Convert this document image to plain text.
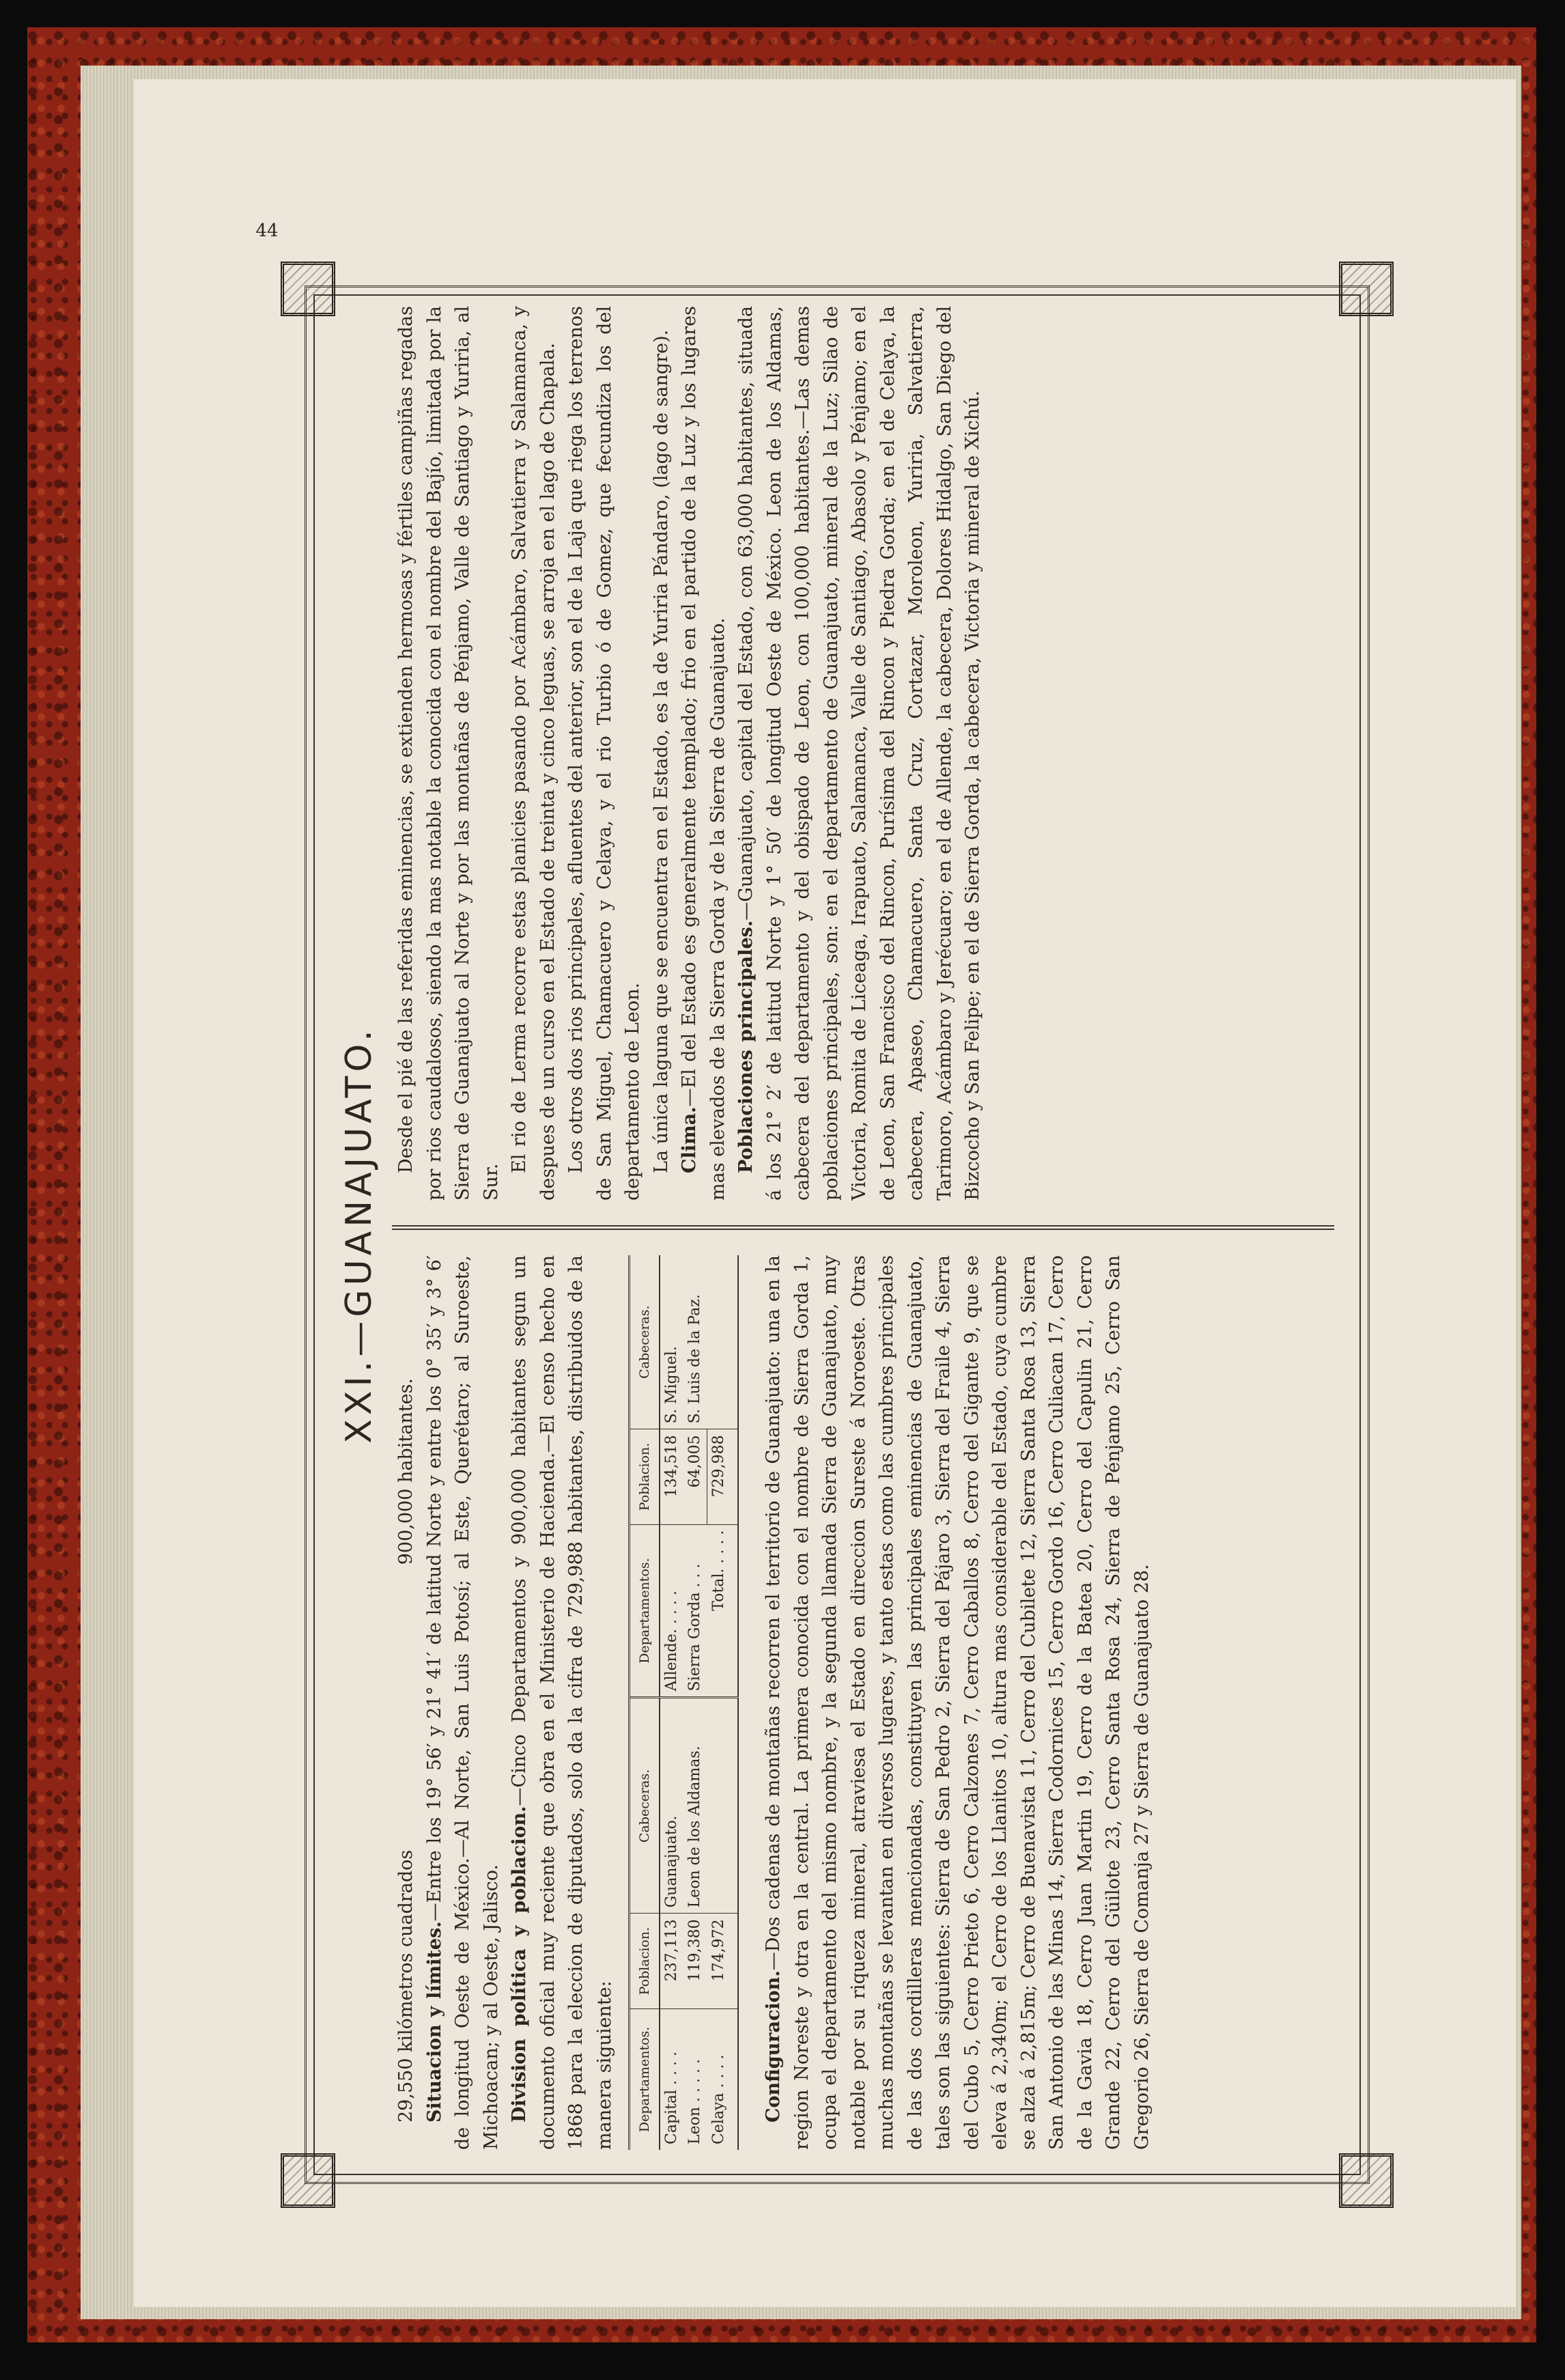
44
XXI.—GUANAJUATO.
29,550 kilómetros cuadrados
900,000 habitantes.

Situacion y límites.—Entre los 19° 56′ y 21° 41′ de latitud Norte y entre los 0° 35′ y 3° 6′ de longitud Oeste de México.—Al Norte, San Luis Potosí; al Este, Querétaro; al Suroeste, Michoacan; y al Oeste, Jalisco. Division política y poblacion.—Cinco Departamentos y 900,000 habitantes segun un documento oficial muy reciente que obra en el Ministerio de Hacienda.—El censo hecho en 1868 para la eleccion de diputados, solo da la cifra de 729,988 habitantes, distribuidos de la manera siguiente: Departamentos.	Poblacion.	Cabeceras.	Departamentos.	Poblacion.	Cabeceras.
Capital . . . .	237,113	Guanajuato.	Allende. . . . .	134,518	S. Miguel.
Leon . . . . .	119,380	Leon de los Aldamas.	Sierra Gorda . . .	64,005	S. Luis de la Paz.
Celaya . . . .	174,972		Total. . . . .	729,988	

Configuracion.—Dos cadenas de montañas recorren el territorio de Guanajuato: una en la region Noreste y otra en la central. La primera conocida con el nombre de Sierra Gorda 1, ocupa el departamento del mismo nombre, y la segunda llamada Sierra de Guanajuato, muy notable por su riqueza mineral, atraviesa el Estado en direccion Sureste á Noroeste. Otras muchas montañas se levantan en diversos lugares, y tanto estas como las cumbres principales de las dos cordilleras mencionadas, constituyen las principales eminencias de Guanajuato, tales son las siguientes: Sierra de San Pedro 2, Sierra del Pájaro 3, Sierra del Fraile 4, Sierra del Cubo 5, Cerro Prieto 6, Cerro Calzones 7, Cerro Caballos 8, Cerro del Gigante 9, que se eleva á 2,340m; el Cerro de los Llanitos 10, altura mas considerable del Estado, cuya cumbre se alza á 2,815m; Cerro de Buenavista 11, Cerro del Cubilete 12, Sierra Santa Rosa 13, Sierra San Antonio de las Minas 14, Sierra Codornices 15, Cerro Gordo 16, Cerro Culiacan 17, Cerro de la Gavia 18, Cerro Juan Martin 19, Cerro de la Batea 20, Cerro del Capulin 21, Cerro Grande 22, Cerro del Güilote 23, Cerro Santa Rosa 24, Sierra de Pénjamo 25, Cerro San Gregorio 26, Sierra de Comanja 27 y Sierra de Guanajuato 28.

Desde el pié de las referidas eminencias, se extienden hermosas y fértiles campiñas regadas por rios caudalosos, siendo la mas notable la conocida con el nombre del Bajío, limitada por la Sierra de Guanajuato al Norte y por las montañas de Pénjamo, Valle de Santiago y Yuriria, al Sur.

El rio de Lerma recorre estas planicies pasando por Acámbaro, Salvatierra y Salamanca, y despues de un curso en el Estado de treinta y cinco leguas, se arroja en el lago de Chapala. Los otros dos rios principales, afluentes del anterior, son el de la Laja que riega los terrenos de San Miguel, Chamacuero y Celaya, y el rio Turbio ó de Gomez, que fecundiza los del departamento de Leon. La única laguna que se encuentra en el Estado, es la de Yuriria Pándaro, (lago de sangre). Clima.—El del Estado es generalmente templado; frio en el partido de la Luz y los lugares mas elevados de la Sierra Gorda y de la Sierra de Guanajuato. Poblaciones principales.—Guanajuato, capital del Estado, con 63,000 habitantes, situada á los 21° 2′ de latitud Norte y 1° 50′ de longitud Oeste de México. Leon de los Aldamas, cabecera del departamento y del obispado de Leon, con 100,000 habitantes.—Las demas poblaciones principales, son: en el departamento de Guanajuato, mineral de la Luz; Silao de Victoria, Romita de Liceaga, Irapuato, Salamanca, Valle de Santiago, Abasolo y Pénjamo; en el de Leon, San Francisco del Rincon, Purísima del Rincon y Piedra Gorda; en el de Celaya, la cabecera, Apaseo, Chamacuero, Santa Cruz, Cortazar, Moroleon, Yuriria, Salvatierra, Tarimoro, Acámbaro y Jerécuaro; en el de Allende, la cabecera, Dolores Hidalgo, San Diego del Bizcocho y San Felipe; en el de Sierra Gorda, la cabecera, Victoria y mineral de Xichú.
